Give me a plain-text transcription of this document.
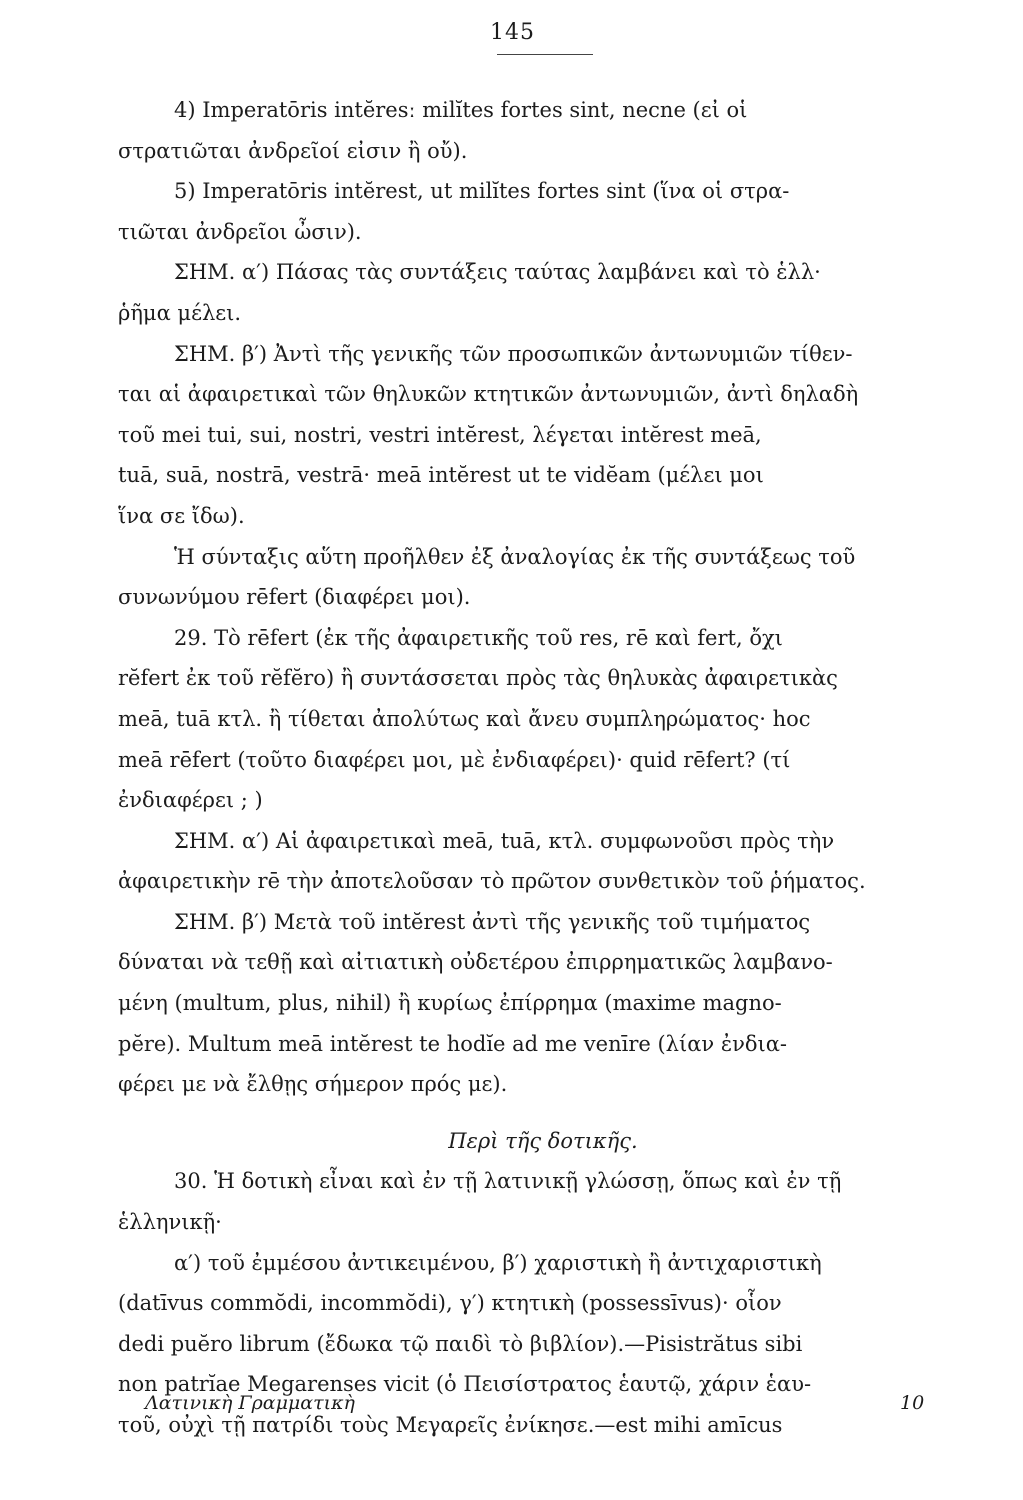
145
4) Imperatōris intĕresː milĭtes fortes sint, necne (εἰ οἱ
στρατιῶται ἀνδρεῖοί εἰσιν ἢ οὔ).
5) Imperatōris intĕrest, ut milĭtes fortes sint (ἵνα οἱ στρα-
τιῶται ἀνδρεῖοι ὦσιν).
ΣΗΜ. α′) Πάσας τὰς συντάξεις ταύτας λαμβάνει καὶ τὸ ἑλλ·
ῥῆμα μέλει.
ΣΗΜ. β′) Ἀντὶ τῆς γενικῆς τῶν προσωπικῶν ἀντωνυμιῶν τίθεν-
ται αἱ ἀφαιρετικαὶ τῶν θηλυκῶν κτητικῶν ἀντωνυμιῶν, ἀντὶ δηλαδὴ
τοῦ mei tui, sui, nostri, vestri intĕrest, λέγεται intĕrest meā,
tuā, suā, nostrā, vestrā· meā intĕrest ut te vidĕam (μέλει μοι
ἵνα σε ἴδω).
Ἡ σύνταξις αὕτη προῆλθεν ἐξ ἀναλογίας ἐκ τῆς συντάξεως τοῦ
συνωνύμου rēfert (διαφέρει μοι).
29. Τὸ rēfert (ἐκ τῆς ἀφαιρετικῆς τοῦ res, rē καὶ fert, ὄχι
rĕfert ἐκ τοῦ rĕfĕro) ἢ συντάσσεται πρὸς τὰς θηλυκὰς ἀφαιρετικὰς
meā, tuā κτλ. ἢ τίθεται ἀπολύτως καὶ ἄνευ συμπληρώματος· hoc
meā rēfert (τοῦτο διαφέρει μοι, μὲ ἐνδιαφέρει)· quid rēfert? (τί
ἐνδιαφέρει ; )
ΣΗΜ. α′) Αἱ ἀφαιρετικαὶ meā, tuā, κτλ. συμφωνοῦσι πρὸς τὴν
ἀφαιρετικὴν rē τὴν ἀποτελοῦσαν τὸ πρῶτον συνθετικὸν τοῦ ῥήματος.
ΣΗΜ. β′) Μετὰ τοῦ intĕrest ἀντὶ τῆς γενικῆς τοῦ τιμήματος
δύναται νὰ τεθῇ καὶ αἰτιατικὴ οὐδετέρου ἐπιρρηματικῶς λαμβανο-
μένη (multum, plus, nihil) ἢ κυρίως ἐπίρρημα (maxime magno-
pĕre). Multum meā intĕrest te hodĭe ad me venīre (λίαν ἐνδια-
φέρει με νὰ ἔλθῃς σήμερον πρός με).
Περὶ τῆς δοτικῆς.
30. Ἡ δοτικὴ εἶναι καὶ ἐν τῇ λατινικῇ γλώσσῃ, ὅπως καὶ ἐν τῇ
ἑλληνικῇ·
α′) τοῦ ἐμμέσου ἀντικειμένου, β′) χαριστικὴ ἢ ἀντιχαριστικὴ
(datīvus commŏdi, incommŏdi), γ′) κτητικὴ (possessīvus)· οἷον
dedi puĕro librum (ἔδωκα τῷ παιδὶ τὸ βιβλίον).—Pisistrătus sibi
non patrĭae Megarenses vicit (ὁ Πεισίστρατος ἑαυτῷ, χάριν ἑαυ-
τοῦ, οὐχὶ τῇ πατρίδι τοὺς Μεγαρεῖς ἐνίκησε.—est mihi amīcus
Λατινικὴ Γραμματικὴ	10
